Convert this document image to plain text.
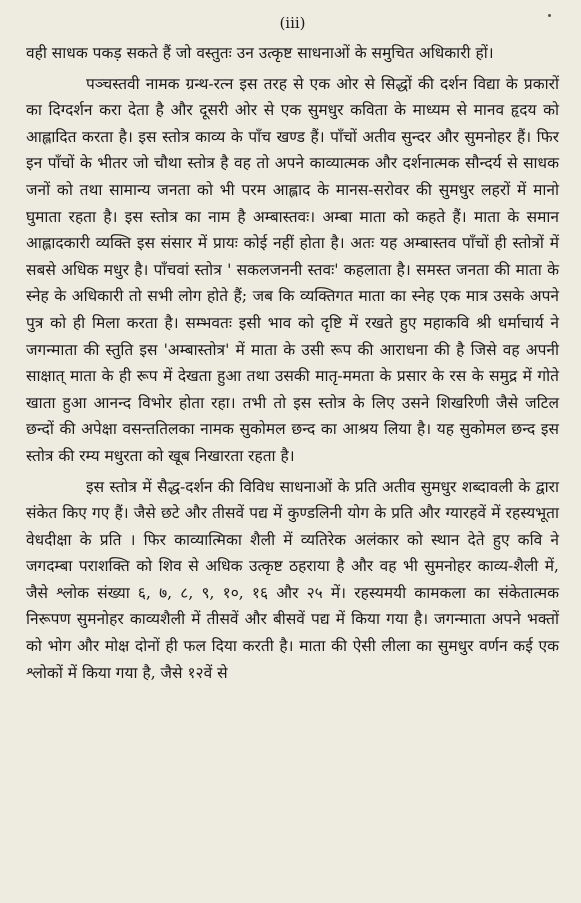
(iii)

वही साधक पकड़ सकते हैं जो वस्तुतः उन उत्कृष्ट साधनाओं के समुचित अधिकारी हों।

पञ्चस्तवी नामक ग्रन्थ-रत्न इस तरह से एक ओर से सिद्धों की दर्शन विद्या के प्रकारों का दिग्दर्शन करा देता है और दूसरी ओर से एक सुमधुर कविता के माध्यम से मानव हृदय को आह्लादित करता है। इस स्तोत्र काव्य के पाँच खण्ड हैं। पाँचों अतीव सुन्दर और सुमनोहर हैं। फिर इन पाँचों के भीतर जो चौथा स्तोत्र है वह तो अपने काव्यात्मक और दर्शनात्मक सौन्दर्य से साधक जनों को तथा सामान्य जनता को भी परम आह्लाद के मानस-सरोवर की सुमधुर लहरों में मानो घुमाता रहता है। इस स्तोत्र का नाम है अम्बास्तवः। अम्बा माता को कहते हैं। माता के समान आह्लादकारी व्यक्ति इस संसार में प्रायः कोई नहीं होता है। अतः यह अम्बास्तव पाँचों ही स्तोत्रों में सबसे अधिक मधुर है। पाँचवां स्तोत्र ' सकलजननी स्तवः' कहलाता है। समस्त जनता की माता के स्नेह के अधिकारी तो सभी लोग होते हैं; जब कि व्यक्तिगत माता का स्नेह एक मात्र उसके अपने पुत्र को ही मिला करता है। सम्भवतः इसी भाव को दृष्टि में रखते हुए महाकवि श्री धर्माचार्य ने जगन्माता की स्तुति इस 'अम्बास्तोत्र' में माता के उसी रूप की आराधना की है जिसे वह अपनी साक्षात् माता के ही रूप में देखता हुआ तथा उसकी मातृ-ममता के प्रसार के रस के समुद्र में गोते खाता हुआ आनन्द विभोर होता रहा। तभी तो इस स्तोत्र के लिए उसने शिखरिणी जैसे जटिल छन्दों की अपेक्षा वसन्ततिलका नामक सुकोमल छन्द का आश्रय लिया है। यह सुकोमल छन्द इस स्तोत्र की रम्य मधुरता को खूब निखारता रहता है।

इस स्तोत्र में सैद्ध-दर्शन की विविध साधनाओं के प्रति अतीव सुमधुर शब्दावली के द्वारा संकेत किए गए हैं। जैसे छटे और तीसवें पद्य में कुण्डलिनी योग के प्रति और ग्यारहवें में रहस्यभूता वेधदीक्षा के प्रति । फिर काव्यात्मिका शैली में व्यतिरेक अलंकार को स्थान देते हुए कवि ने जगदम्बा पराशक्ति को शिव से अधिक उत्कृष्ट ठहराया है और वह भी सुमनोहर काव्य-शैली में, जैसे श्लोक संख्या ६, ७, ८, ९, १०, १६ और २५ में। रहस्यमयी कामकला का संकेतात्मक निरूपण सुमनोहर काव्यशैली में तीसवें और बीसवें पद्य में किया गया है। जगन्माता अपने भक्तों को भोग और मोक्ष दोनों ही फल दिया करती है। माता की ऐसी लीला का सुमधुर वर्णन कई एक श्लोकों में किया गया है, जैसे १२वें से
